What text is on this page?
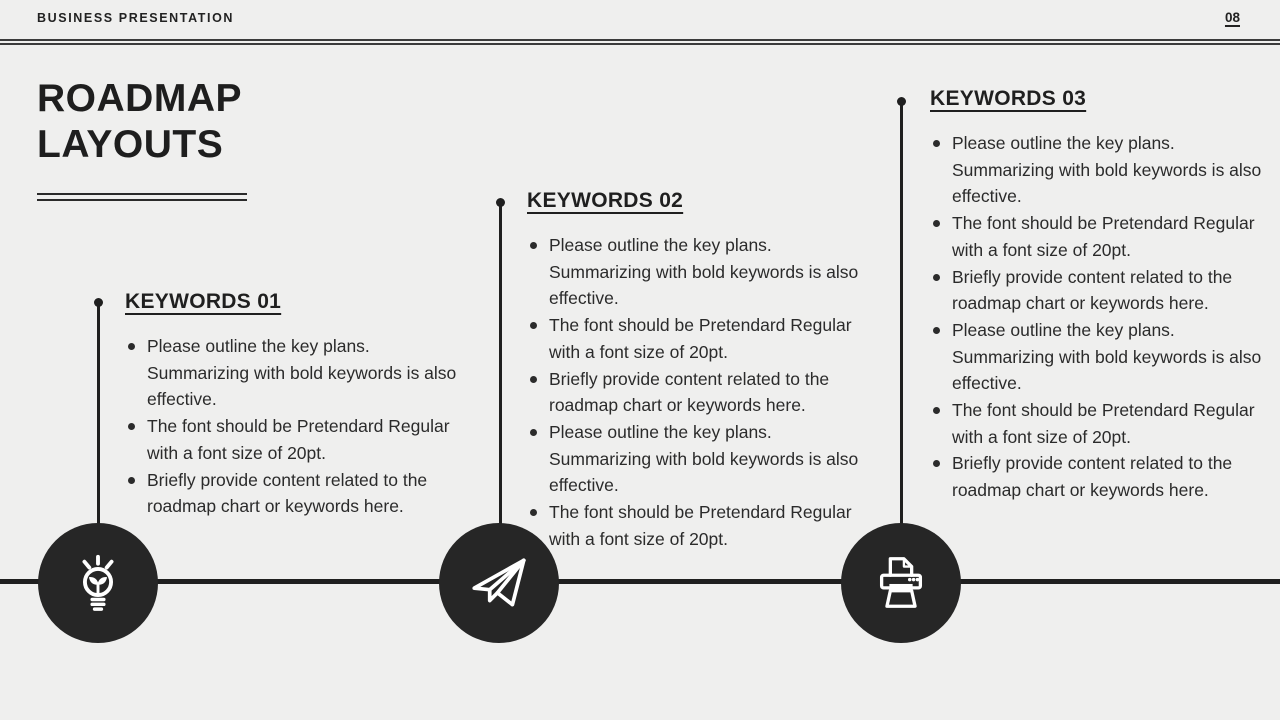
BUSINESS PRESENTATION	08
ROADMAP
LAYOUTS
KEYWORDS 01
Please outline the key plans. Summarizing with bold keywords is also effective.
The font should be Pretendard Regular with a font size of 20pt.
Briefly provide content related to the roadmap chart or keywords here.
KEYWORDS 02
Please outline the key plans. Summarizing with bold keywords is also effective.
The font should be Pretendard Regular with a font size of 20pt.
Briefly provide content related to the roadmap chart or keywords here.
Please outline the key plans. Summarizing with bold keywords is also effective.
The font should be Pretendard Regular with a font size of 20pt.
KEYWORDS 03
Please outline the key plans. Summarizing with bold keywords is also effective.
The font should be Pretendard Regular with a font size of 20pt.
Briefly provide content related to the roadmap chart or keywords here.
Please outline the key plans. Summarizing with bold keywords is also effective.
The font should be Pretendard Regular with a font size of 20pt.
Briefly provide content related to the roadmap chart or keywords here.
